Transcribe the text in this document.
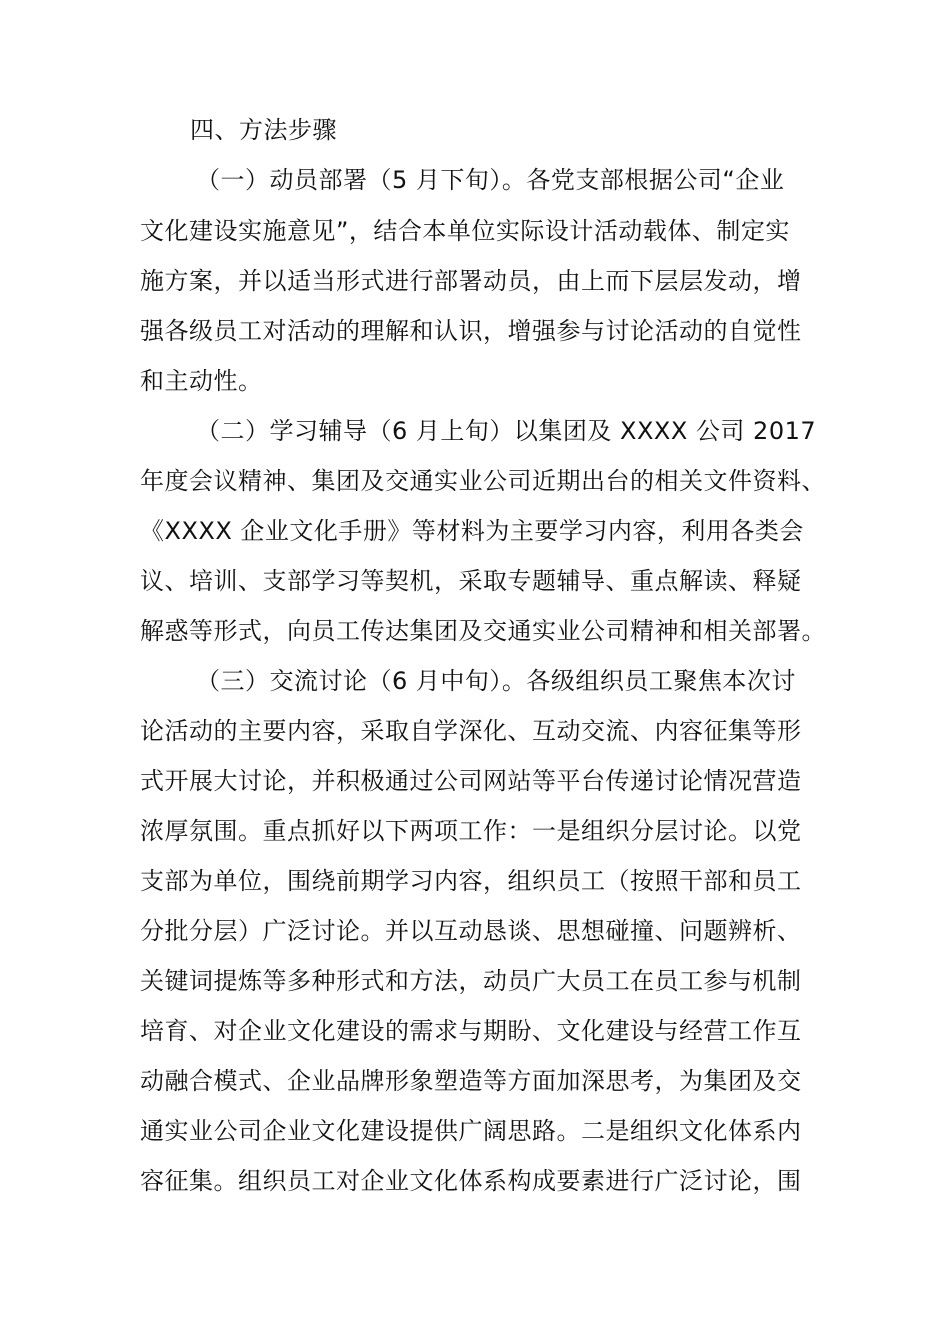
四、方法步骤
（一）动员部署（5 月下旬）。各党支部根据公司“企业
文化建设实施意见”，结合本单位实际设计活动载体、制定实
施方案，并以适当形式进行部署动员，由上而下层层发动，增
强各级员工对活动的理解和认识，增强参与讨论活动的自觉性
和主动性。
（二）学习辅导（6 月上旬）以集团及 XXXX 公司 2017
年度会议精神、集团及交通实业公司近期出台的相关文件资料、
《XXXX 企业文化手册》等材料为主要学习内容，利用各类会
议、培训、支部学习等契机，采取专题辅导、重点解读、释疑
解惑等形式，向员工传达集团及交通实业公司精神和相关部署。
（三）交流讨论（6 月中旬）。各级组织员工聚焦本次讨
论活动的主要内容，采取自学深化、互动交流、内容征集等形
式开展大讨论，并积极通过公司网站等平台传递讨论情况营造
浓厚氛围。重点抓好以下两项工作：一是组织分层讨论。以党
支部为单位，围绕前期学习内容，组织员工（按照干部和员工
分批分层）广泛讨论。并以互动恳谈、思想碰撞、问题辨析、
关键词提炼等多种形式和方法，动员广大员工在员工参与机制
培育、对企业文化建设的需求与期盼、文化建设与经营工作互
动融合模式、企业品牌形象塑造等方面加深思考，为集团及交
通实业公司企业文化建设提供广阔思路。二是组织文化体系内
容征集。组织员工对企业文化体系构成要素进行广泛讨论，围
